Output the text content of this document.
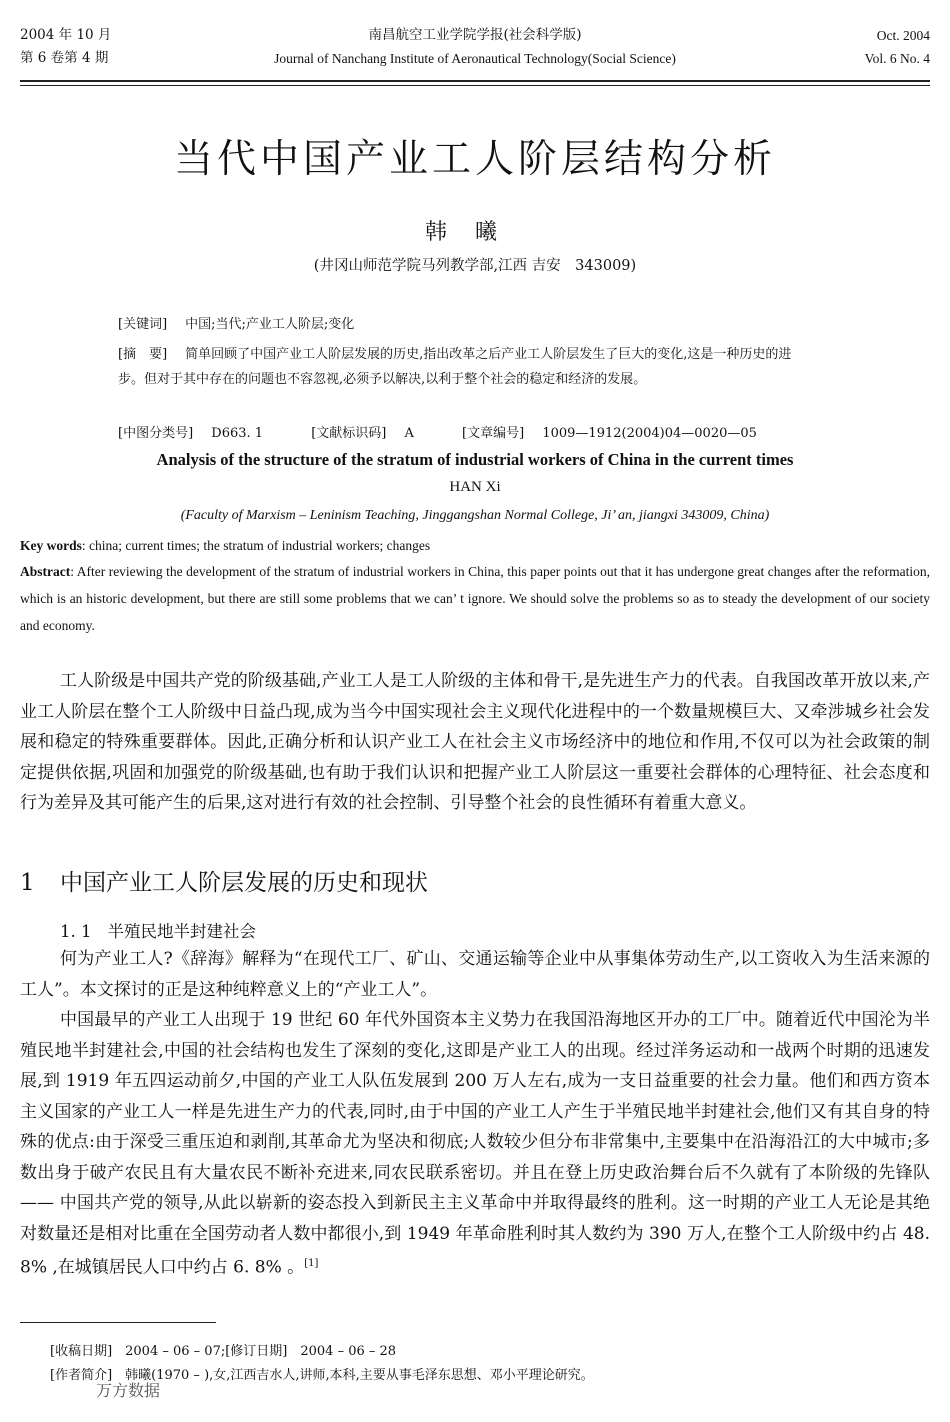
2004 年 10 月
第 6 卷第 4 期
南昌航空工业学院学报(社会科学版)
Journal of Nanchang Institute of Aeronautical Technology(Social Science)
Oct. 2004
Vol. 6 No. 4
当代中国产业工人阶层结构分析
韩曦
(井冈山师范学院马列教学部,江西 吉安　343009)
[关键词] 中国;当代;产业工人阶层;变化
[摘　要] 简单回顾了中国产业工人阶层发展的历史,指出改革之后产业工人阶层发生了巨大的变化,这是一种历史的进步。但对于其中存在的问题也不容忽视,必须予以解决,以利于整个社会的稳定和经济的发展。
[中图分类号] D663. 1	[文献标识码] A	[文章编号] 1009—1912(2004)04—0020—05
Analysis of the structure of the stratum of industrial workers of China in the current times
HAN Xi
(Faculty of Marxism – Leninism Teaching, Jinggangshan Normal College, Ji’ an, jiangxi 343009, China)
Key words: china; current times; the stratum of industrial workers; changes
Abstract: After reviewing the development of the stratum of industrial workers in China, this paper points out that it has undergone great changes after the reformation, which is an historic development, but there are still some problems that we can’ t ignore. We should solve the problems so as to steady the development of our society and economy.
工人阶级是中国共产党的阶级基础,产业工人是工人阶级的主体和骨干,是先进生产力的代表。自我国改革开放以来,产业工人阶层在整个工人阶级中日益凸现,成为当今中国实现社会主义现代化进程中的一个数量规模巨大、又牵涉城乡社会发展和稳定的特殊重要群体。因此,正确分析和认识产业工人在社会主义市场经济中的地位和作用,不仅可以为社会政策的制定提供依据,巩固和加强党的阶级基础,也有助于我们认识和把握产业工人阶层这一重要社会群体的心理特征、社会态度和行为差异及其可能产生的后果,这对进行有效的社会控制、引导整个社会的良性循环有着重大意义。
1 中国产业工人阶层发展的历史和现状
1. 1 半殖民地半封建社会
何为产业工人?《辞海》解释为“在现代工厂、矿山、交通运输等企业中从事集体劳动生产,以工资收入为生活来源的工人”。本文探讨的正是这种纯粹意义上的“产业工人”。
中国最早的产业工人出现于 19 世纪 60 年代外国资本主义势力在我国沿海地区开办的工厂中。随着近代中国沦为半殖民地半封建社会,中国的社会结构也发生了深刻的变化,这即是产业工人的出现。经过洋务运动和一战两个时期的迅速发展,到 1919 年五四运动前夕,中国的产业工人队伍发展到 200 万人左右,成为一支日益重要的社会力量。他们和西方资本主义国家的产业工人一样是先进生产力的代表,同时,由于中国的产业工人产生于半殖民地半封建社会,他们又有其自身的特殊的优点:由于深受三重压迫和剥削,其革命尤为坚决和彻底;人数较少但分布非常集中,主要集中在沿海沿江的大中城市;多数出身于破产农民且有大量农民不断补充进来,同农民联系密切。并且在登上历史政治舞台后不久就有了本阶级的先锋队—— 中国共产党的领导,从此以崭新的姿态投入到新民主主义革命中并取得最终的胜利。这一时期的产业工人无论是其绝对数量还是相对比重在全国劳动者人数中都很小,到 1949 年革命胜利时其人数约为 390 万人,在整个工人阶级中约占 48. 8% ,在城镇居民人口中约占 6. 8% 。[1]
[收稿日期]　2004 – 06 – 07;[修订日期]　2004 – 06 – 28
[作者简介]　韩曦(1970 – ),女,江西吉水人,讲师,本科,主要从事毛泽东思想、邓小平理论研究。
万方数据
